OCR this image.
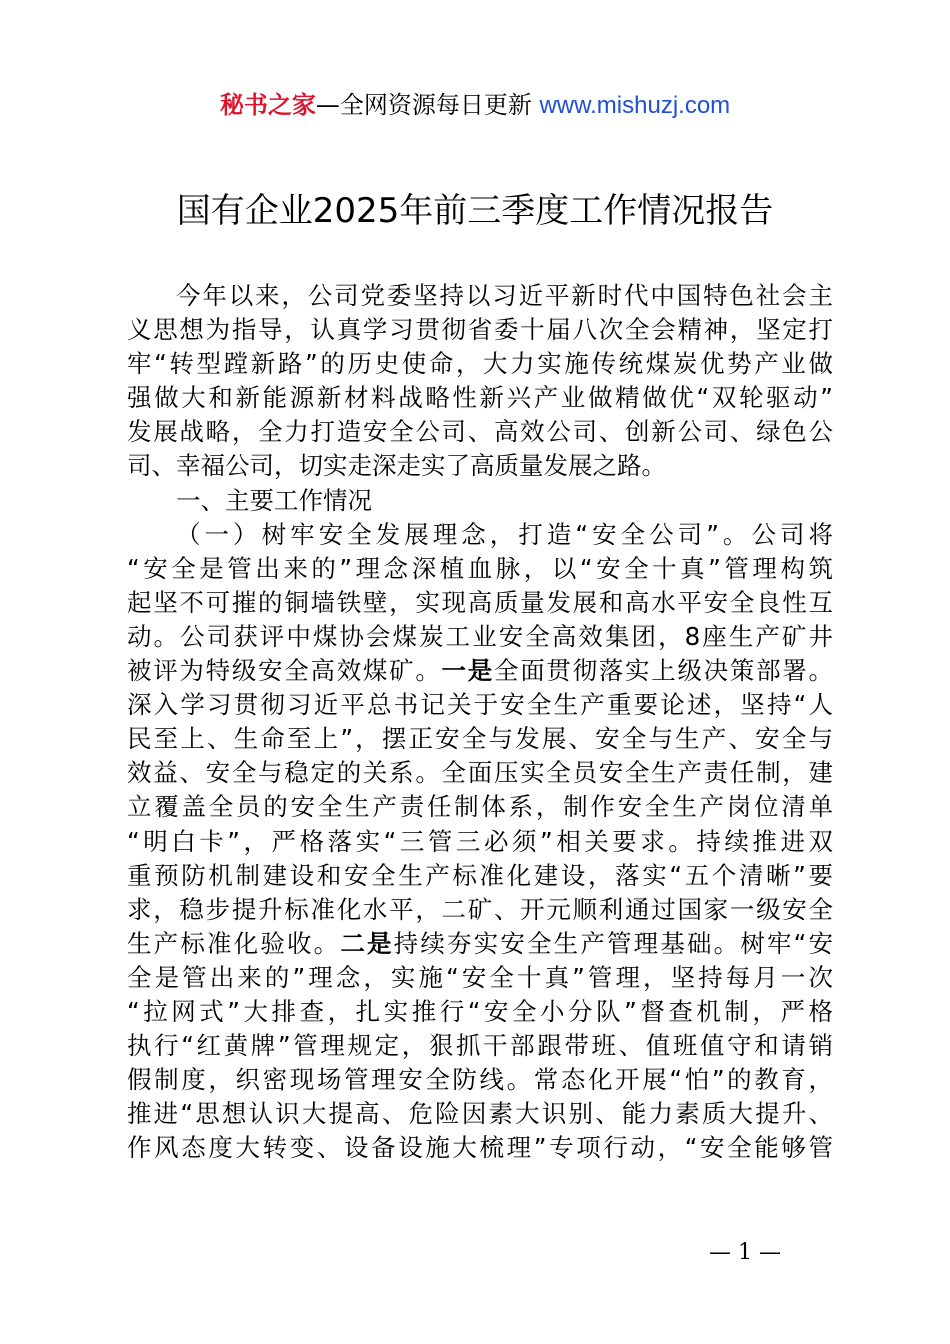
秘书之家—全网资源每日更新 www.mishuzj.com
国有企业2025年前三季度工作情况报告
今年以来，公司党委坚持以习近平新时代中国特色社会主
义思想为指导，认真学习贯彻省委十届八次全会精神，坚定打
牢“转型蹚新路”的历史使命，大力实施传统煤炭优势产业做
强做大和新能源新材料战略性新兴产业做精做优“双轮驱动”
发展战略，全力打造安全公司、高效公司、创新公司、绿色公
司、幸福公司，切实走深走实了高质量发展之路。
一、主要工作情况
（一）树牢安全发展理念，打造“安全公司”。公司将
“安全是管出来的”理念深植血脉，以“安全十真”管理构筑
起坚不可摧的铜墙铁壁，实现高质量发展和高水平安全良性互
动。公司获评中煤协会煤炭工业安全高效集团，8座生产矿井
被评为特级安全高效煤矿。一是全面贯彻落实上级决策部署。
深入学习贯彻习近平总书记关于安全生产重要论述，坚持“人
民至上、生命至上”，摆正安全与发展、安全与生产、安全与
效益、安全与稳定的关系。全面压实全员安全生产责任制，建
立覆盖全员的安全生产责任制体系，制作安全生产岗位清单
“明白卡”，严格落实“三管三必须”相关要求。持续推进双
重预防机制建设和安全生产标准化建设，落实“五个清晰”要
求，稳步提升标准化水平，二矿、开元顺利通过国家一级安全
生产标准化验收。二是持续夯实安全生产管理基础。树牢“安
全是管出来的”理念，实施“安全十真”管理，坚持每月一次
“拉网式”大排查，扎实推行“安全小分队”督查机制，严格
执行“红黄牌”管理规定，狠抓干部跟带班、值班值守和请销
假制度，织密现场管理安全防线。常态化开展“怕”的教育，
推进“思想认识大提高、危险因素大识别、能力素质大提升、
作风态度大转变、设备设施大梳理”专项行动，“安全能够管
— 1 —
